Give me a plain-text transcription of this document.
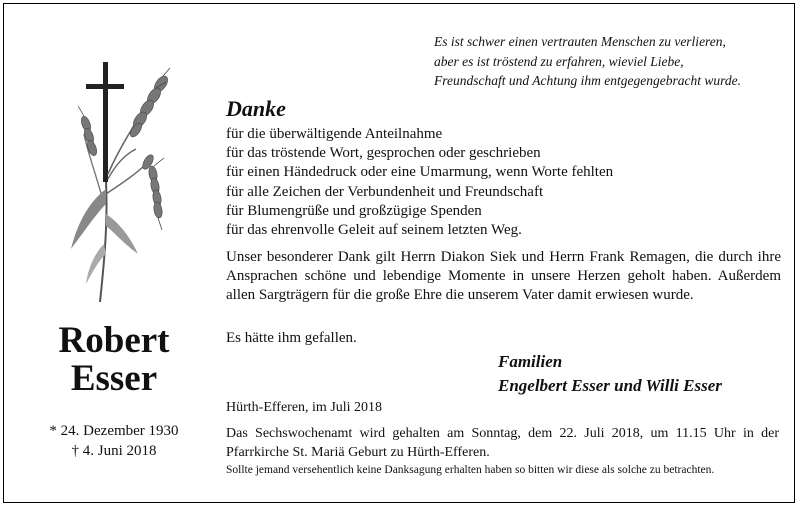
Es ist schwer einen vertrauten Menschen zu verlieren,
aber es ist tröstend zu erfahren, wieviel Liebe,
Freundschaft und Achtung ihm entgegengebracht wurde.
Robert
Esser
* 24. Dezember 1930
† 4. Juni 2018
Danke
für die überwältigende Anteilnahme
für das tröstende Wort, gesprochen oder geschrieben
für einen Händedruck oder eine Umarmung, wenn Worte fehlten
für alle Zeichen der Verbundenheit und Freundschaft
für Blumengrüße und großzügige Spenden
für das ehrenvolle Geleit auf seinem letzten Weg.
Unser besonderer Dank gilt Herrn Diakon Siek und Herrn Frank Remagen, die durch ihre Ansprachen schöne und lebendige Momente in unsere Herzen geholt haben. Außerdem allen Sargträgern für die große Ehre die unserem Vater damit erwiesen wurde.
Es hätte ihm gefallen.
Familien
Engelbert Esser und Willi Esser
Hürth-Efferen, im Juli 2018
Das Sechswochenamt wird gehalten am Sonntag, dem 22. Juli 2018, um 11.15 Uhr in der Pfarrkirche St. Mariä Geburt zu Hürth-Efferen.
Sollte jemand versehentlich keine Danksagung erhalten haben so bitten wir diese als solche zu betrachten.
